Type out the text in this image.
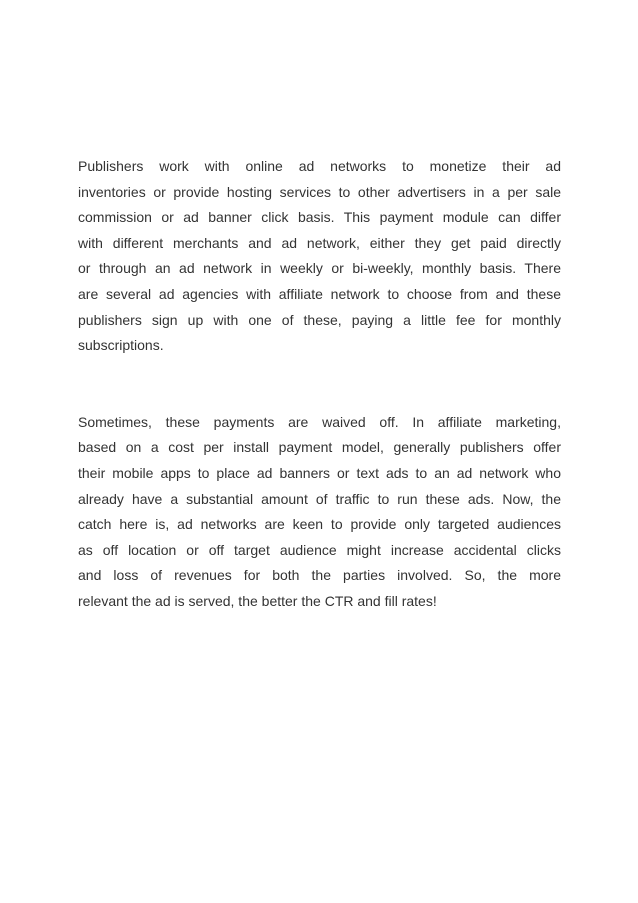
Publishers work with online ad networks to monetize their ad
inventories or provide hosting services to other advertisers in a per sale
commission or ad banner click basis. This payment module can differ
with different merchants and ad network, either they get paid directly
or through an ad network in weekly or bi-weekly, monthly basis. There
are several ad agencies with affiliate network to choose from and these
publishers sign up with one of these, paying a little fee for monthly
subscriptions.

Sometimes, these payments are waived off. In affiliate marketing,
based on a cost per install payment model, generally publishers offer
their mobile apps to place ad banners or text ads to an ad network who
already have a substantial amount of traffic to run these ads. Now, the
catch here is, ad networks are keen to provide only targeted audiences
as off location or off target audience might increase accidental clicks
and loss of revenues for both the parties involved. So, the more
relevant the ad is served, the better the CTR and fill rates!
